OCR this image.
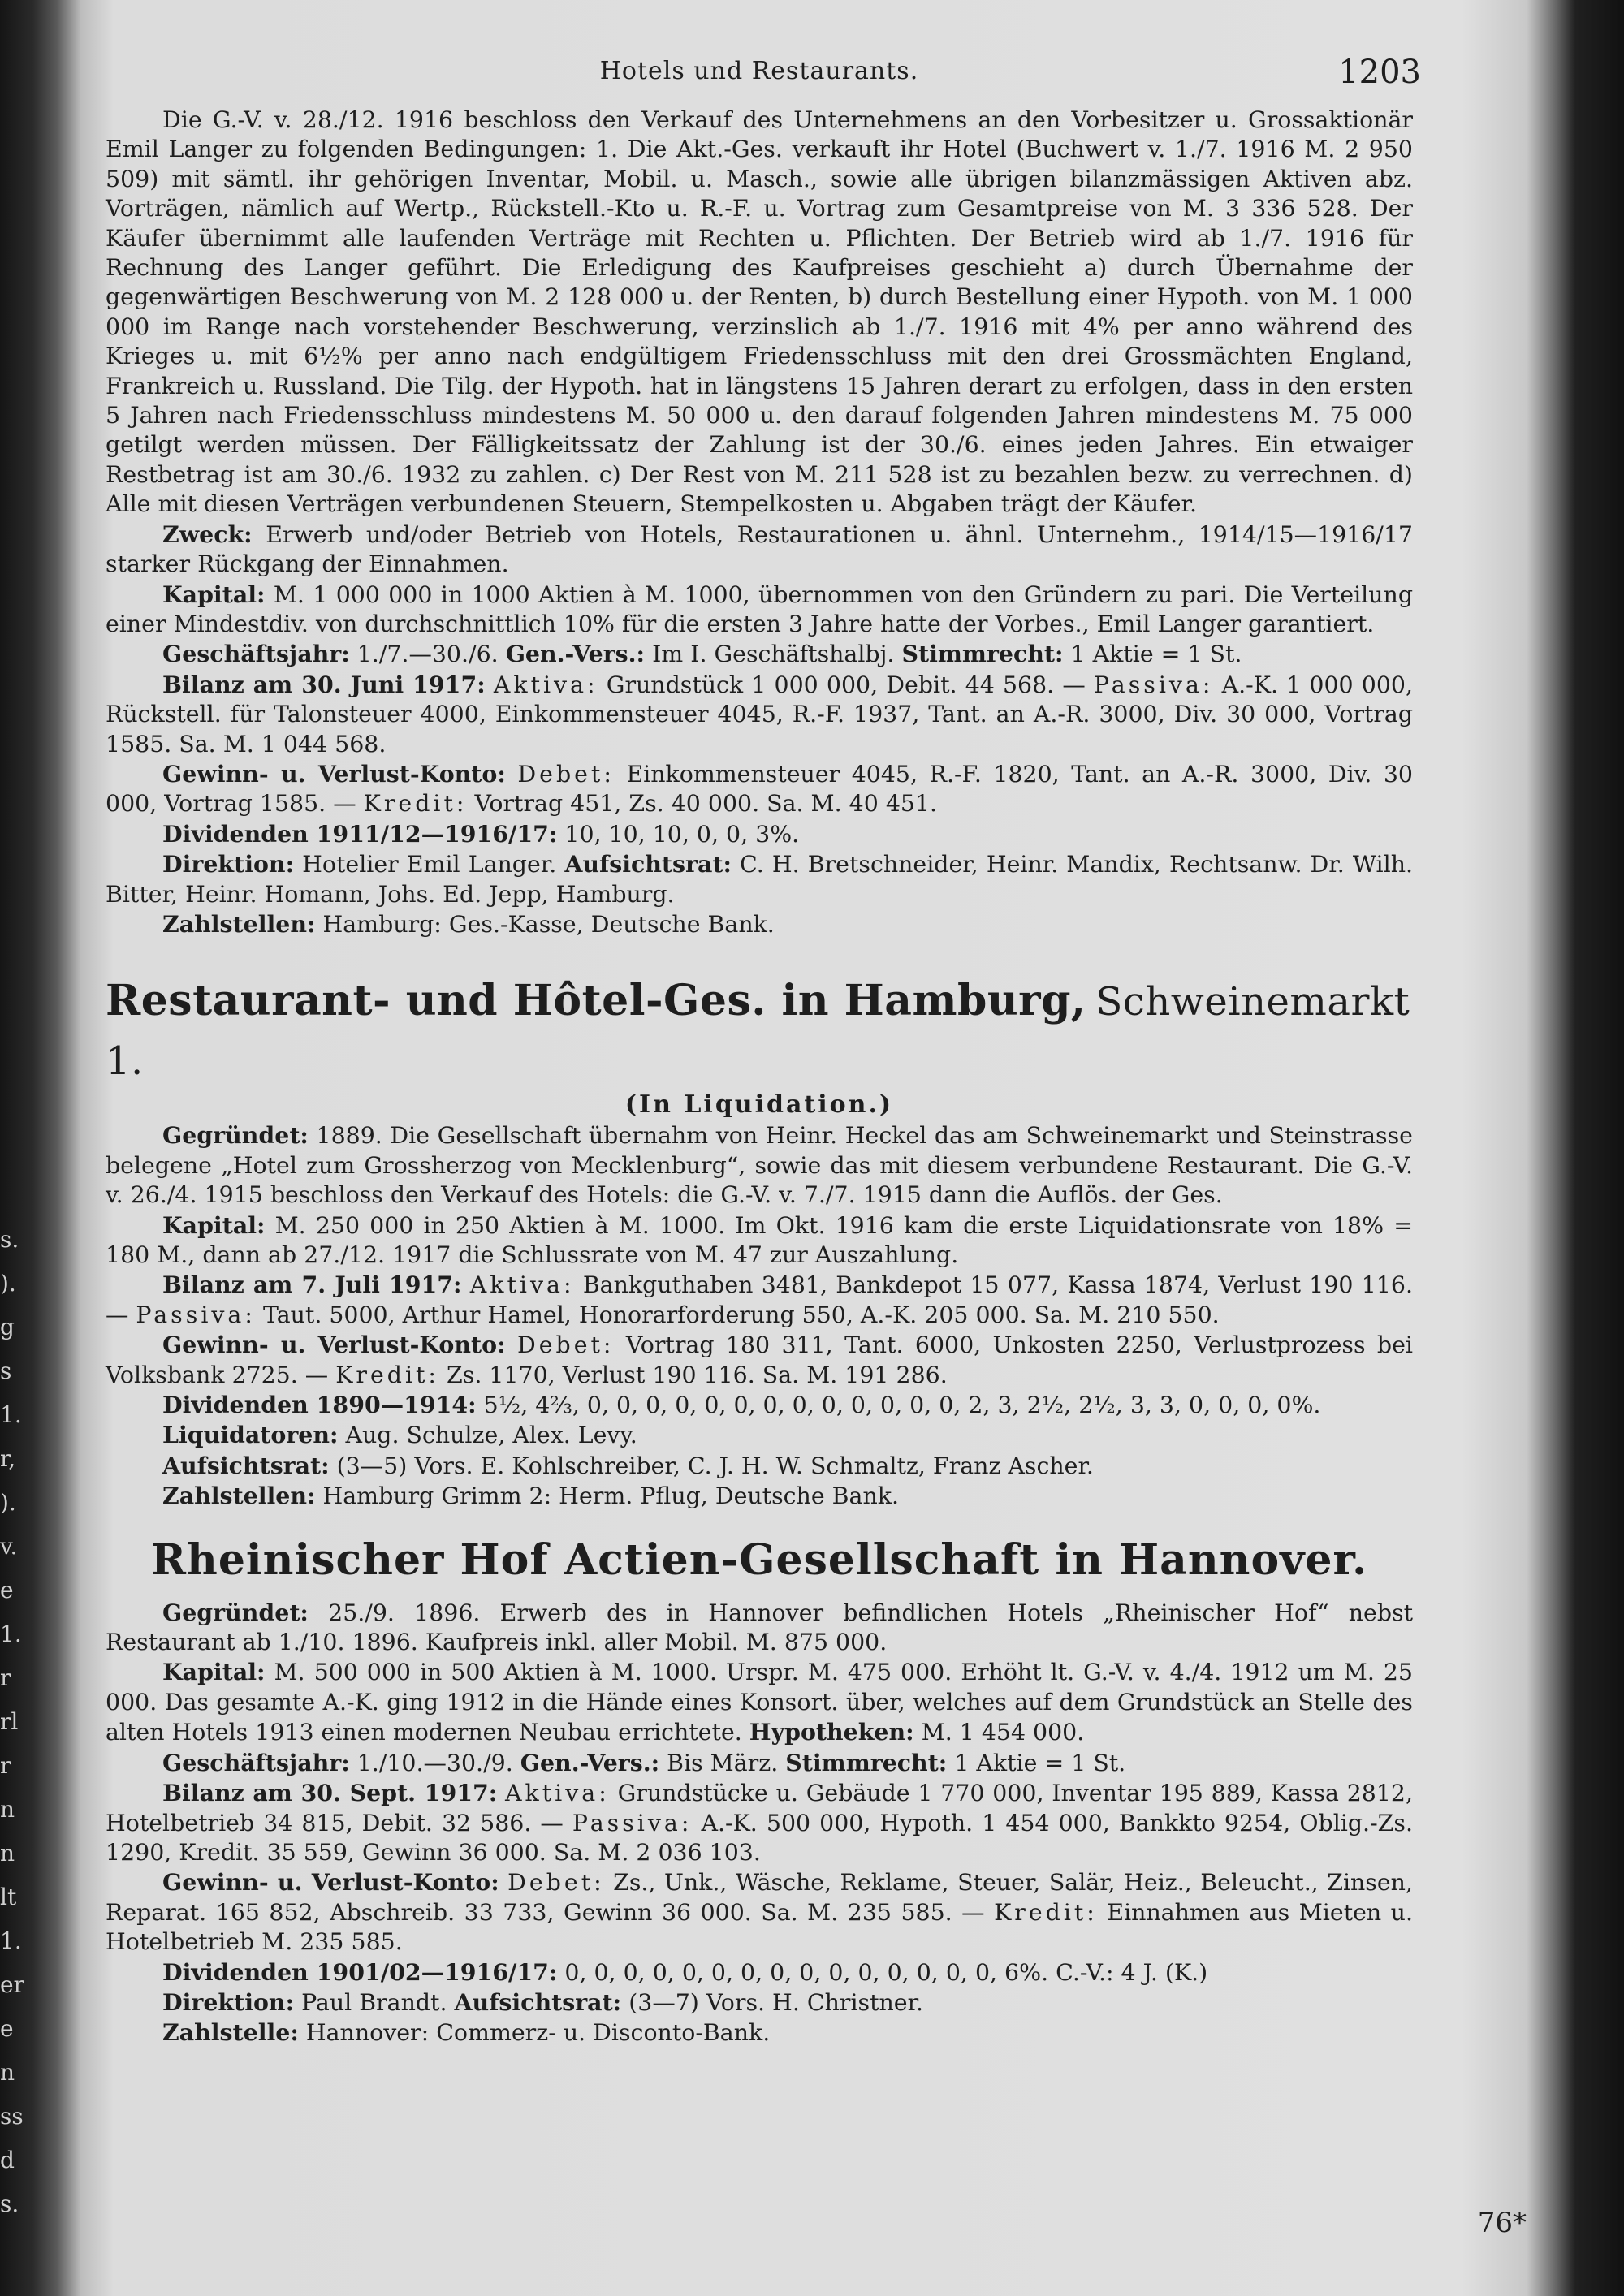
s.
).
g
s
1.
r,
).
v.
e
1.
r
rl
r
n
n
lt
1.
er
e
n
ss
d
s.
Hotels und Restaurants.	1203

Die G.-V. v. 28./12. 1916 beschloss den Verkauf des Unternehmens an den Vorbesitzer u. Grossaktionär Emil Langer zu folgenden Bedingungen: 1. Die Akt.-Ges. verkauft ihr Hotel (Buchwert v. 1./7. 1916 M. 2 950 509) mit sämtl. ihr gehörigen Inventar, Mobil. u. Masch., sowie alle übrigen bilanzmässigen Aktiven abz. Vorträgen, nämlich auf Wertp., Rückstell.-Kto u. R.-F. u. Vortrag zum Gesamtpreise von M. 3 336 528. Der Käufer übernimmt alle laufenden Verträge mit Rechten u. Pflichten. Der Betrieb wird ab 1./7. 1916 für Rechnung des Langer geführt. Die Erledigung des Kaufpreises geschieht a) durch Übernahme der gegenwärtigen Beschwerung von M. 2 128 000 u. der Renten, b) durch Bestellung einer Hypoth. von M. 1 000 000 im Range nach vorstehender Beschwerung, verzinslich ab 1./7. 1916 mit 4% per anno während des Krieges u. mit 6½% per anno nach endgültigem Friedensschluss mit den drei Grossmächten England, Frankreich u. Russland. Die Tilg. der Hypoth. hat in längstens 15 Jahren derart zu erfolgen, dass in den ersten 5 Jahren nach Friedensschluss mindestens M. 50 000 u. den darauf folgenden Jahren mindestens M. 75 000 getilgt werden müssen. Der Fälligkeitssatz der Zahlung ist der 30./6. eines jeden Jahres. Ein etwaiger Restbetrag ist am 30./6. 1932 zu zahlen. c) Der Rest von M. 211 528 ist zu bezahlen bezw. zu verrechnen. d) Alle mit diesen Verträgen verbundenen Steuern, Stempelkosten u. Abgaben trägt der Käufer.

Zweck: Erwerb und/oder Betrieb von Hotels, Restaurationen u. ähnl. Unternehm., 1914/15—1916/17 starker Rückgang der Einnahmen.

Kapital: M. 1 000 000 in 1000 Aktien à M. 1000, übernommen von den Gründern zu pari. Die Verteilung einer Mindestdiv. von durchschnittlich 10% für die ersten 3 Jahre hatte der Vorbes., Emil Langer garantiert.

Geschäftsjahr: 1./7.—30./6. Gen.-Vers.: Im I. Geschäftshalbj. Stimmrecht: 1 Aktie = 1 St.

Bilanz am 30. Juni 1917: Aktiva: Grundstück 1 000 000, Debit. 44 568. — Passiva: A.-K. 1 000 000, Rückstell. für Talonsteuer 4000, Einkommensteuer 4045, R.-F. 1937, Tant. an A.-R. 3000, Div. 30 000, Vortrag 1585. Sa. M. 1 044 568.

Gewinn- u. Verlust-Konto: Debet: Einkommensteuer 4045, R.-F. 1820, Tant. an A.-R. 3000, Div. 30 000, Vortrag 1585. — Kredit: Vortrag 451, Zs. 40 000. Sa. M. 40 451.

Dividenden 1911/12—1916/17: 10, 10, 10, 0, 0, 3%.

Direktion: Hotelier Emil Langer. Aufsichtsrat: C. H. Bretschneider, Heinr. Mandix, Rechtsanw. Dr. Wilh. Bitter, Heinr. Homann, Johs. Ed. Jepp, Hamburg.

Zahlstellen: Hamburg: Ges.-Kasse, Deutsche Bank.

Restaurant- und Hôtel-Ges. in Hamburg, Schweinemarkt 1.
(In Liquidation.)

Gegründet: 1889. Die Gesellschaft übernahm von Heinr. Heckel das am Schweinemarkt und Steinstrasse belegene „Hotel zum Grossherzog von Mecklenburg“, sowie das mit diesem verbundene Restaurant. Die G.-V. v. 26./4. 1915 beschloss den Verkauf des Hotels: die G.-V. v. 7./7. 1915 dann die Auflös. der Ges.

Kapital: M. 250 000 in 250 Aktien à M. 1000. Im Okt. 1916 kam die erste Liquidationsrate von 18% = 180 M., dann ab 27./12. 1917 die Schlussrate von M. 47 zur Auszahlung.

Bilanz am 7. Juli 1917: Aktiva: Bankguthaben 3481, Bankdepot 15 077, Kassa 1874, Verlust 190 116. — Passiva: Taut. 5000, Arthur Hamel, Honorarforderung 550, A.-K. 205 000. Sa. M. 210 550.

Gewinn- u. Verlust-Konto: Debet: Vortrag 180 311, Tant. 6000, Unkosten 2250, Verlustprozess bei Volksbank 2725. — Kredit: Zs. 1170, Verlust 190 116. Sa. M. 191 286.

Dividenden 1890—1914: 5½, 4⅔, 0, 0, 0, 0, 0, 0, 0, 0, 0, 0, 0, 0, 0, 2, 3, 2½, 2½, 3, 3, 0, 0, 0, 0%.

Liquidatoren: Aug. Schulze, Alex. Levy.

Aufsichtsrat: (3—5) Vors. E. Kohlschreiber, C. J. H. W. Schmaltz, Franz Ascher.

Zahlstellen: Hamburg Grimm 2: Herm. Pflug, Deutsche Bank.

Rheinischer Hof Actien-Gesellschaft in Hannover.

Gegründet: 25./9. 1896. Erwerb des in Hannover befindlichen Hotels „Rheinischer Hof“ nebst Restaurant ab 1./10. 1896. Kaufpreis inkl. aller Mobil. M. 875 000.

Kapital: M. 500 000 in 500 Aktien à M. 1000. Urspr. M. 475 000. Erhöht lt. G.-V. v. 4./4. 1912 um M. 25 000. Das gesamte A.-K. ging 1912 in die Hände eines Konsort. über, welches auf dem Grundstück an Stelle des alten Hotels 1913 einen modernen Neubau errichtete. Hypotheken: M. 1 454 000.

Geschäftsjahr: 1./10.—30./9. Gen.-Vers.: Bis März. Stimmrecht: 1 Aktie = 1 St.

Bilanz am 30. Sept. 1917: Aktiva: Grundstücke u. Gebäude 1 770 000, Inventar 195 889, Kassa 2812, Hotelbetrieb 34 815, Debit. 32 586. — Passiva: A.-K. 500 000, Hypoth. 1 454 000, Bankkto 9254, Oblig.-Zs. 1290, Kredit. 35 559, Gewinn 36 000. Sa. M. 2 036 103.

Gewinn- u. Verlust-Konto: Debet: Zs., Unk., Wäsche, Reklame, Steuer, Salär, Heiz., Beleucht., Zinsen, Reparat. 165 852, Abschreib. 33 733, Gewinn 36 000. Sa. M. 235 585. — Kredit: Einnahmen aus Mieten u. Hotelbetrieb M. 235 585.

Dividenden 1901/02—1916/17: 0, 0, 0, 0, 0, 0, 0, 0, 0, 0, 0, 0, 0, 0, 0, 6%. C.-V.: 4 J. (K.)

Direktion: Paul Brandt. Aufsichtsrat: (3—7) Vors. H. Christner.

Zahlstelle: Hannover: Commerz- u. Disconto-Bank.

76*
